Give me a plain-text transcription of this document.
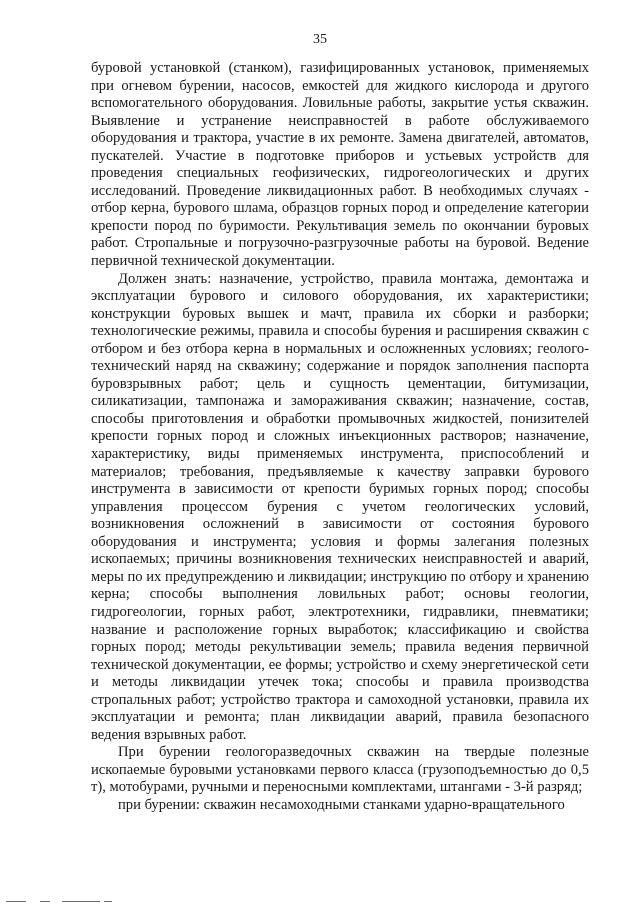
35

буровой установкой (станком), газифицированных установок, применяемых при огневом бурении, насосов, емкостей для жидкого кислорода и другого вспомогательного оборудования. Ловильные работы, закрытие устья скважин. Выявление и устранение неисправностей в работе обслуживаемого оборудования и трактора, участие в их ремонте. Замена двигателей, автоматов, пускателей. Участие в подготовке приборов и устьевых устройств для проведения специальных геофизических, гидрогеологических и других исследований. Проведение ликвидационных работ. В необходимых случаях - отбор керна, бурового шлама, образцов горных пород и определение категории крепости пород по буримости. Рекультивация земель по окончании буровых работ. Стропальные и погрузочно-разгрузочные работы на буровой. Ведение первичной технической документации.

Должен знать: назначение, устройство, правила монтажа, демонтажа и эксплуатации бурового и силового оборудования, их характеристики; конструкции буровых вышек и мачт, правила их сборки и разборки; технологические режимы, правила и способы бурения и расширения скважин с отбором и без отбора керна в нормальных и осложненных условиях; геолого-технический наряд на скважину; содержание и порядок заполнения паспорта буровзрывных работ; цель и сущность цементации, битумизации, силикатизации, тампонажа и замораживания скважин; назначение, состав, способы приготовления и обработки промывочных жидкостей, понизителей крепости горных пород и сложных инъекционных растворов; назначение, характеристику, виды применяемых инструмента, приспособлений и материалов; требования, предъявляемые к качеству заправки бурового инструмента в зависимости от крепости буримых горных пород; способы управления процессом бурения с учетом геологических условий, возникновения осложнений в зависимости от состояния бурового оборудования и инструмента; условия и формы залегания полезных ископаемых; причины возникновения технических неисправностей и аварий, меры по их предупреждению и ликвидации; инструкцию по отбору и хранению керна; способы выполнения ловильных работ; основы геологии, гидрогеологии, горных работ, электротехники, гидравлики, пневматики; название и расположение горных выработок; классификацию и свойства горных пород; методы рекультивации земель; правила ведения первичной технической документации, ее формы; устройство и схему энергетической сети и методы ликвидации утечек тока; способы и правила производства стропальных работ; устройство трактора и самоходной установки, правила их эксплуатации и ремонта; план ликвидации аварий, правила безопасного ведения взрывных работ.

При бурении геологоразведочных скважин на твердые полезные ископаемые буровыми установками первого класса (грузоподъемностью до 0,5 т), мотобурами, ручными и переносными комплектами, штангами - 3-й разряд;

при бурении: скважин несамоходными станками ударно-вращательного
